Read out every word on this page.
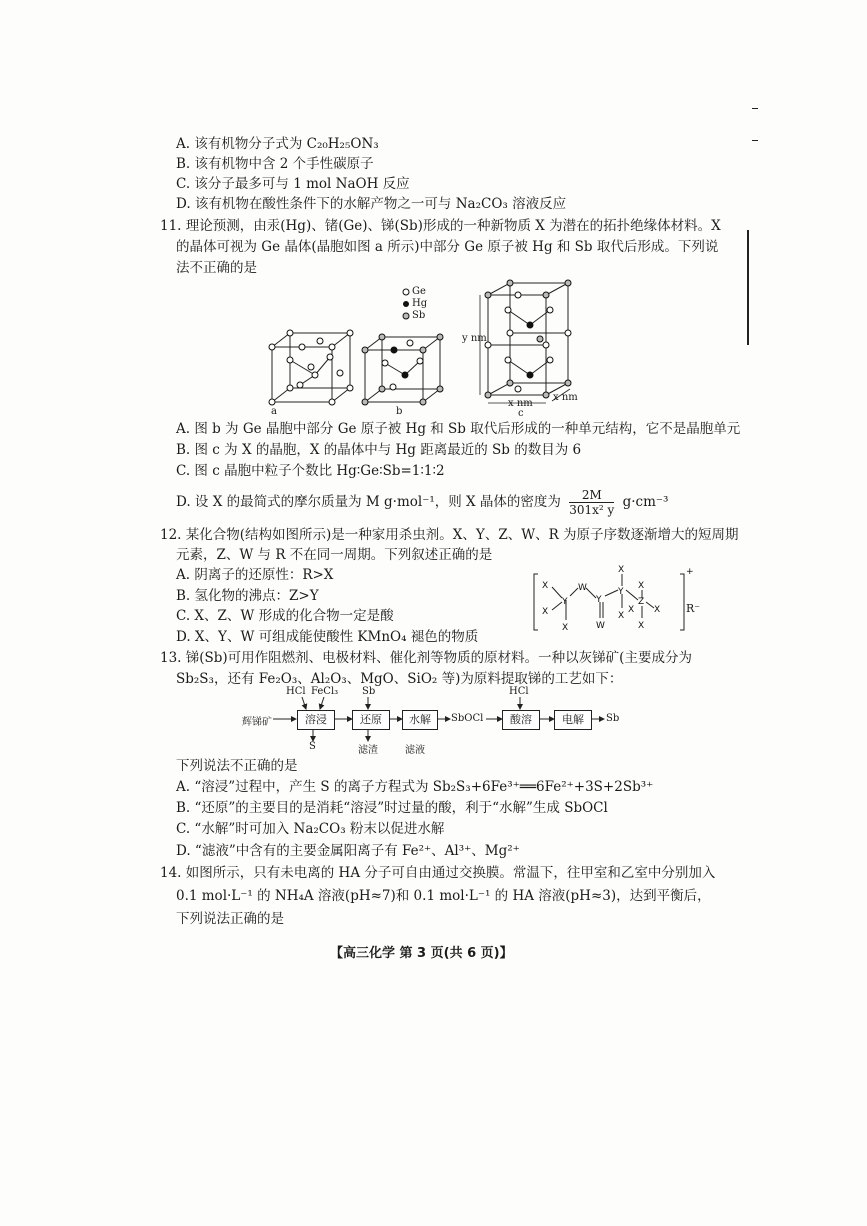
A. 该有机物分子式为 C₂₀H₂₅ON₃
B. 该有机物中含 2 个手性碳原子
C. 该分子最多可与 1 mol NaOH 反应
D. 该有机物在酸性条件下的水解产物之一可与 Na₂CO₃ 溶液反应
11. 理论预测，由汞(Hg)、锗(Ge)、锑(Sb)形成的一种新物质 X 为潜在的拓扑绝缘体材料。X
的晶体可视为 Ge 晶体(晶胞如图 a 所示)中部分 Ge 原子被 Hg 和 Sb 取代后形成。下列说
法不正确的是
Ge
Hg
Sb
a	b	c
y nm
x nm
x nm
A. 图 b 为 Ge 晶胞中部分 Ge 原子被 Hg 和 Sb 取代后形成的一种单元结构，它不是晶胞单元
B. 图 c 为 X 的晶胞，X 的晶体中与 Hg 距离最近的 Sb 的数目为 6
C. 图 c 晶胞中粒子个数比 Hg∶Ge∶Sb=1∶1∶2
D. 设 X 的最简式的摩尔质量为 M g·mol⁻¹，则 X 晶体的密度为 $\frac{2M}{\text{301x² y}} g\cdot cm^{-3}$
12. 某化合物(结构如图所示)是一种家用杀虫剂。X、Y、Z、W、R 为原子序数逐渐增大的短周期
元素，Z、W 与 R 不在同一周期。下列叙述正确的是
A. 阴离子的还原性：R>X
B. 氢化物的沸点：Z>Y
C. X、Z、W 形成的化合物一定是酸
D. X、Y、W 可组成能使酸性 KMnO₄ 褪色的物质
X
Y
X
X
W
Y
W
Y
X
X
X
Z
X
X
X
+
R⁻
13. 锑(Sb)可用作阻燃剂、电极材料、催化剂等物质的原材料。一种以灰锑矿(主要成分为
Sb₂S₃，还有 Fe₂O₃、Al₂O₃、MgO、SiO₂ 等)为原料提取锑的工艺如下：
辉锑矿	溶浸	还原	水解	酸溶	电解
SbOCl	Sb
HCl FeCl₃ Sb	HCl
S	滤渣	滤液
下列说法不正确的是
A. “溶浸”过程中，产生 S 的离子方程式为 Sb₂S₃+6Fe³⁺══6Fe²⁺+3S+2Sb³⁺
B. “还原”的主要目的是消耗“溶浸”时过量的酸，利于“水解”生成 SbOCl
C. “水解”时可加入 Na₂CO₃ 粉末以促进水解
D. “滤液”中含有的主要金属阳离子有 Fe²⁺、Al³⁺、Mg²⁺
14. 如图所示，只有未电离的 HA 分子可自由通过交换膜。常温下，往甲室和乙室中分别加入
0.1 mol·L⁻¹ 的 NH₄A 溶液(pH≈7)和 0.1 mol·L⁻¹ 的 HA 溶液(pH≈3)，达到平衡后，
下列说法正确的是
【高三化学 第 3 页(共 6 页)】
